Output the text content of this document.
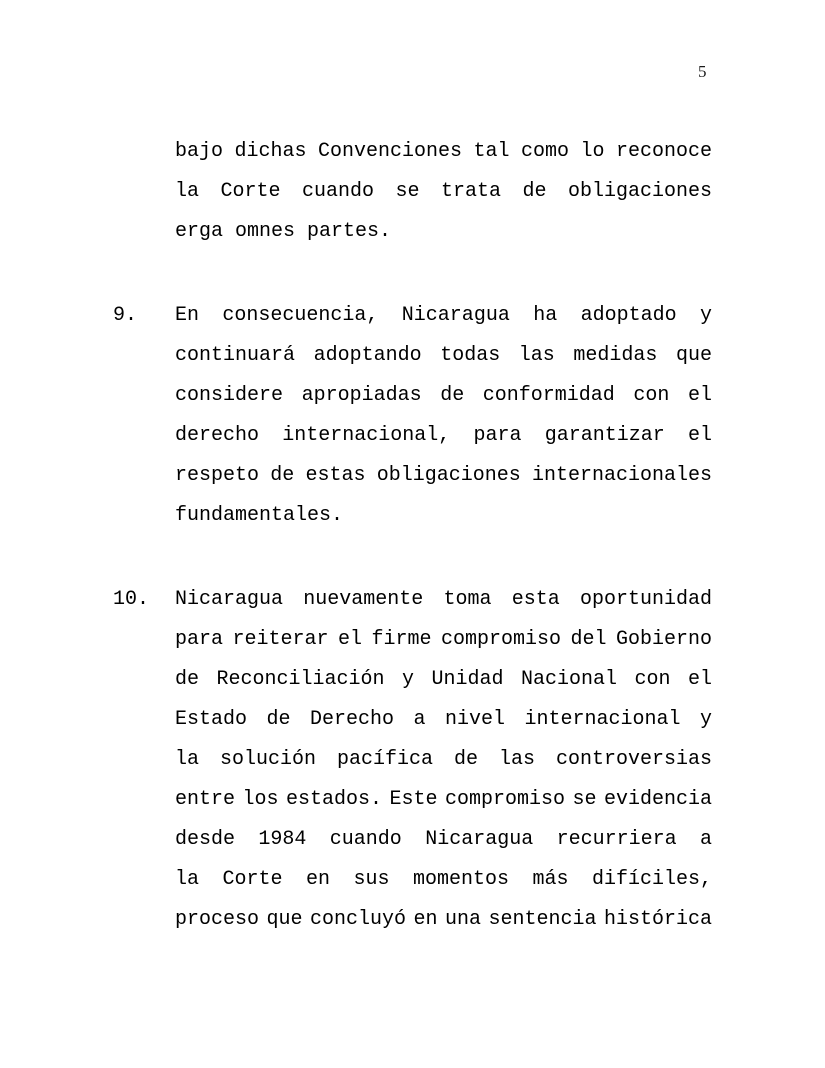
5
bajo dichas Convenciones tal como lo reconoce
la Corte cuando se trata de obligaciones
erga omnes partes.
9.	En consecuencia, Nicaragua ha adoptado y
continuará adoptando todas las medidas que
considere apropiadas de conformidad con el
derecho internacional, para garantizar el
respeto de estas obligaciones internacionales
fundamentales.
10.	Nicaragua nuevamente toma esta oportunidad
para reiterar el firme compromiso del Gobierno
de Reconciliación y Unidad Nacional con el
Estado de Derecho a nivel internacional y
la solución pacífica de las controversias
entre los estados. Este compromiso se evidencia
desde 1984 cuando Nicaragua recurriera a
la Corte en sus momentos más difíciles,
proceso que concluyó en una sentencia histórica
